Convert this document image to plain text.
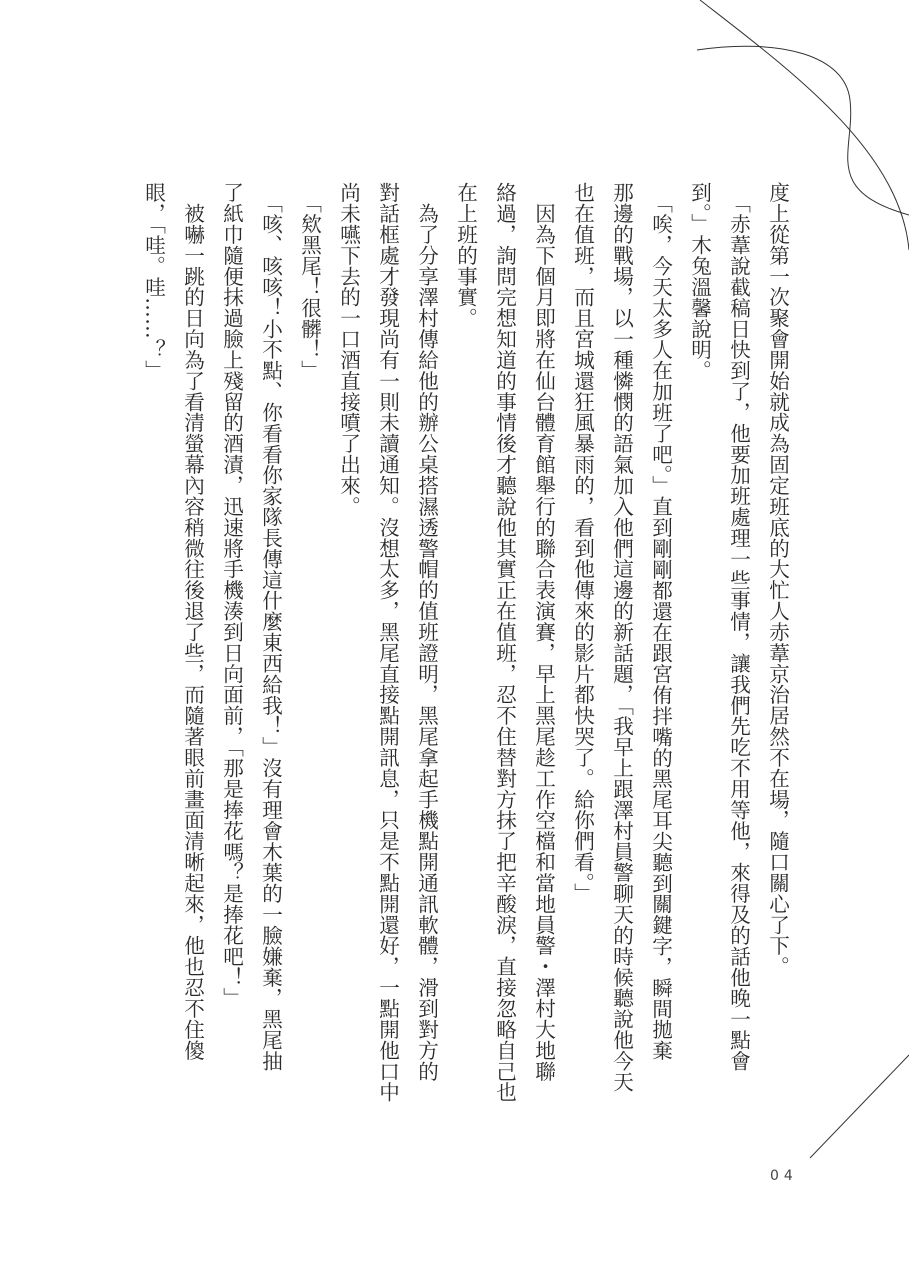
度上從第一次聚會開始就成為固定班底的大忙人赤葦京治居然不在場，隨口關心了下。
　「赤葦說截稿日快到了，他要加班處理一些事情，讓我們先吃不用等他，來得及的話他晚一點會
到。」木兔溫馨說明。
　「唉，今天太多人在加班了吧。」直到剛剛都還在跟宮侑拌嘴的黑尾耳尖聽到關鍵字，瞬間拋棄
那邊的戰場，以一種憐憫的語氣加入他們這邊的新話題，「我早上跟澤村員警聊天的時候聽說他今天
也在值班，而且宮城還狂風暴雨的，看到他傳來的影片都快哭了。給你們看。」
　因為下個月即將在仙台體育館舉行的聯合表演賽，早上黑尾趁工作空檔和當地員警・澤村大地聯
絡過，詢問完想知道的事情後才聽說他其實正在值班，忍不住替對方抹了把辛酸淚，直接忽略自己也
在上班的事實。
　為了分享澤村傳給他的辦公桌搭濕透警帽的值班證明，黑尾拿起手機點開通訊軟體，滑到對方的
對話框處才發現尚有一則未讀通知。沒想太多，黑尾直接點開訊息，只是不點開還好，一點開他口中
尚未嚥下去的一口酒直接噴了出來。
　「欸黑尾！很髒！」
　「咳、咳咳！小不點、你看看你家隊長傳這什麼東西給我！」沒有理會木葉的一臉嫌棄，黑尾抽
了紙巾隨便抹過臉上殘留的酒漬，迅速將手機湊到日向面前，「那是捧花嗎？是捧花吧！」
　被嚇一跳的日向為了看清螢幕內容稍微往後退了些，而隨著眼前畫面清晰起來，他也忍不住傻
眼，「哇。哇……？」
04
